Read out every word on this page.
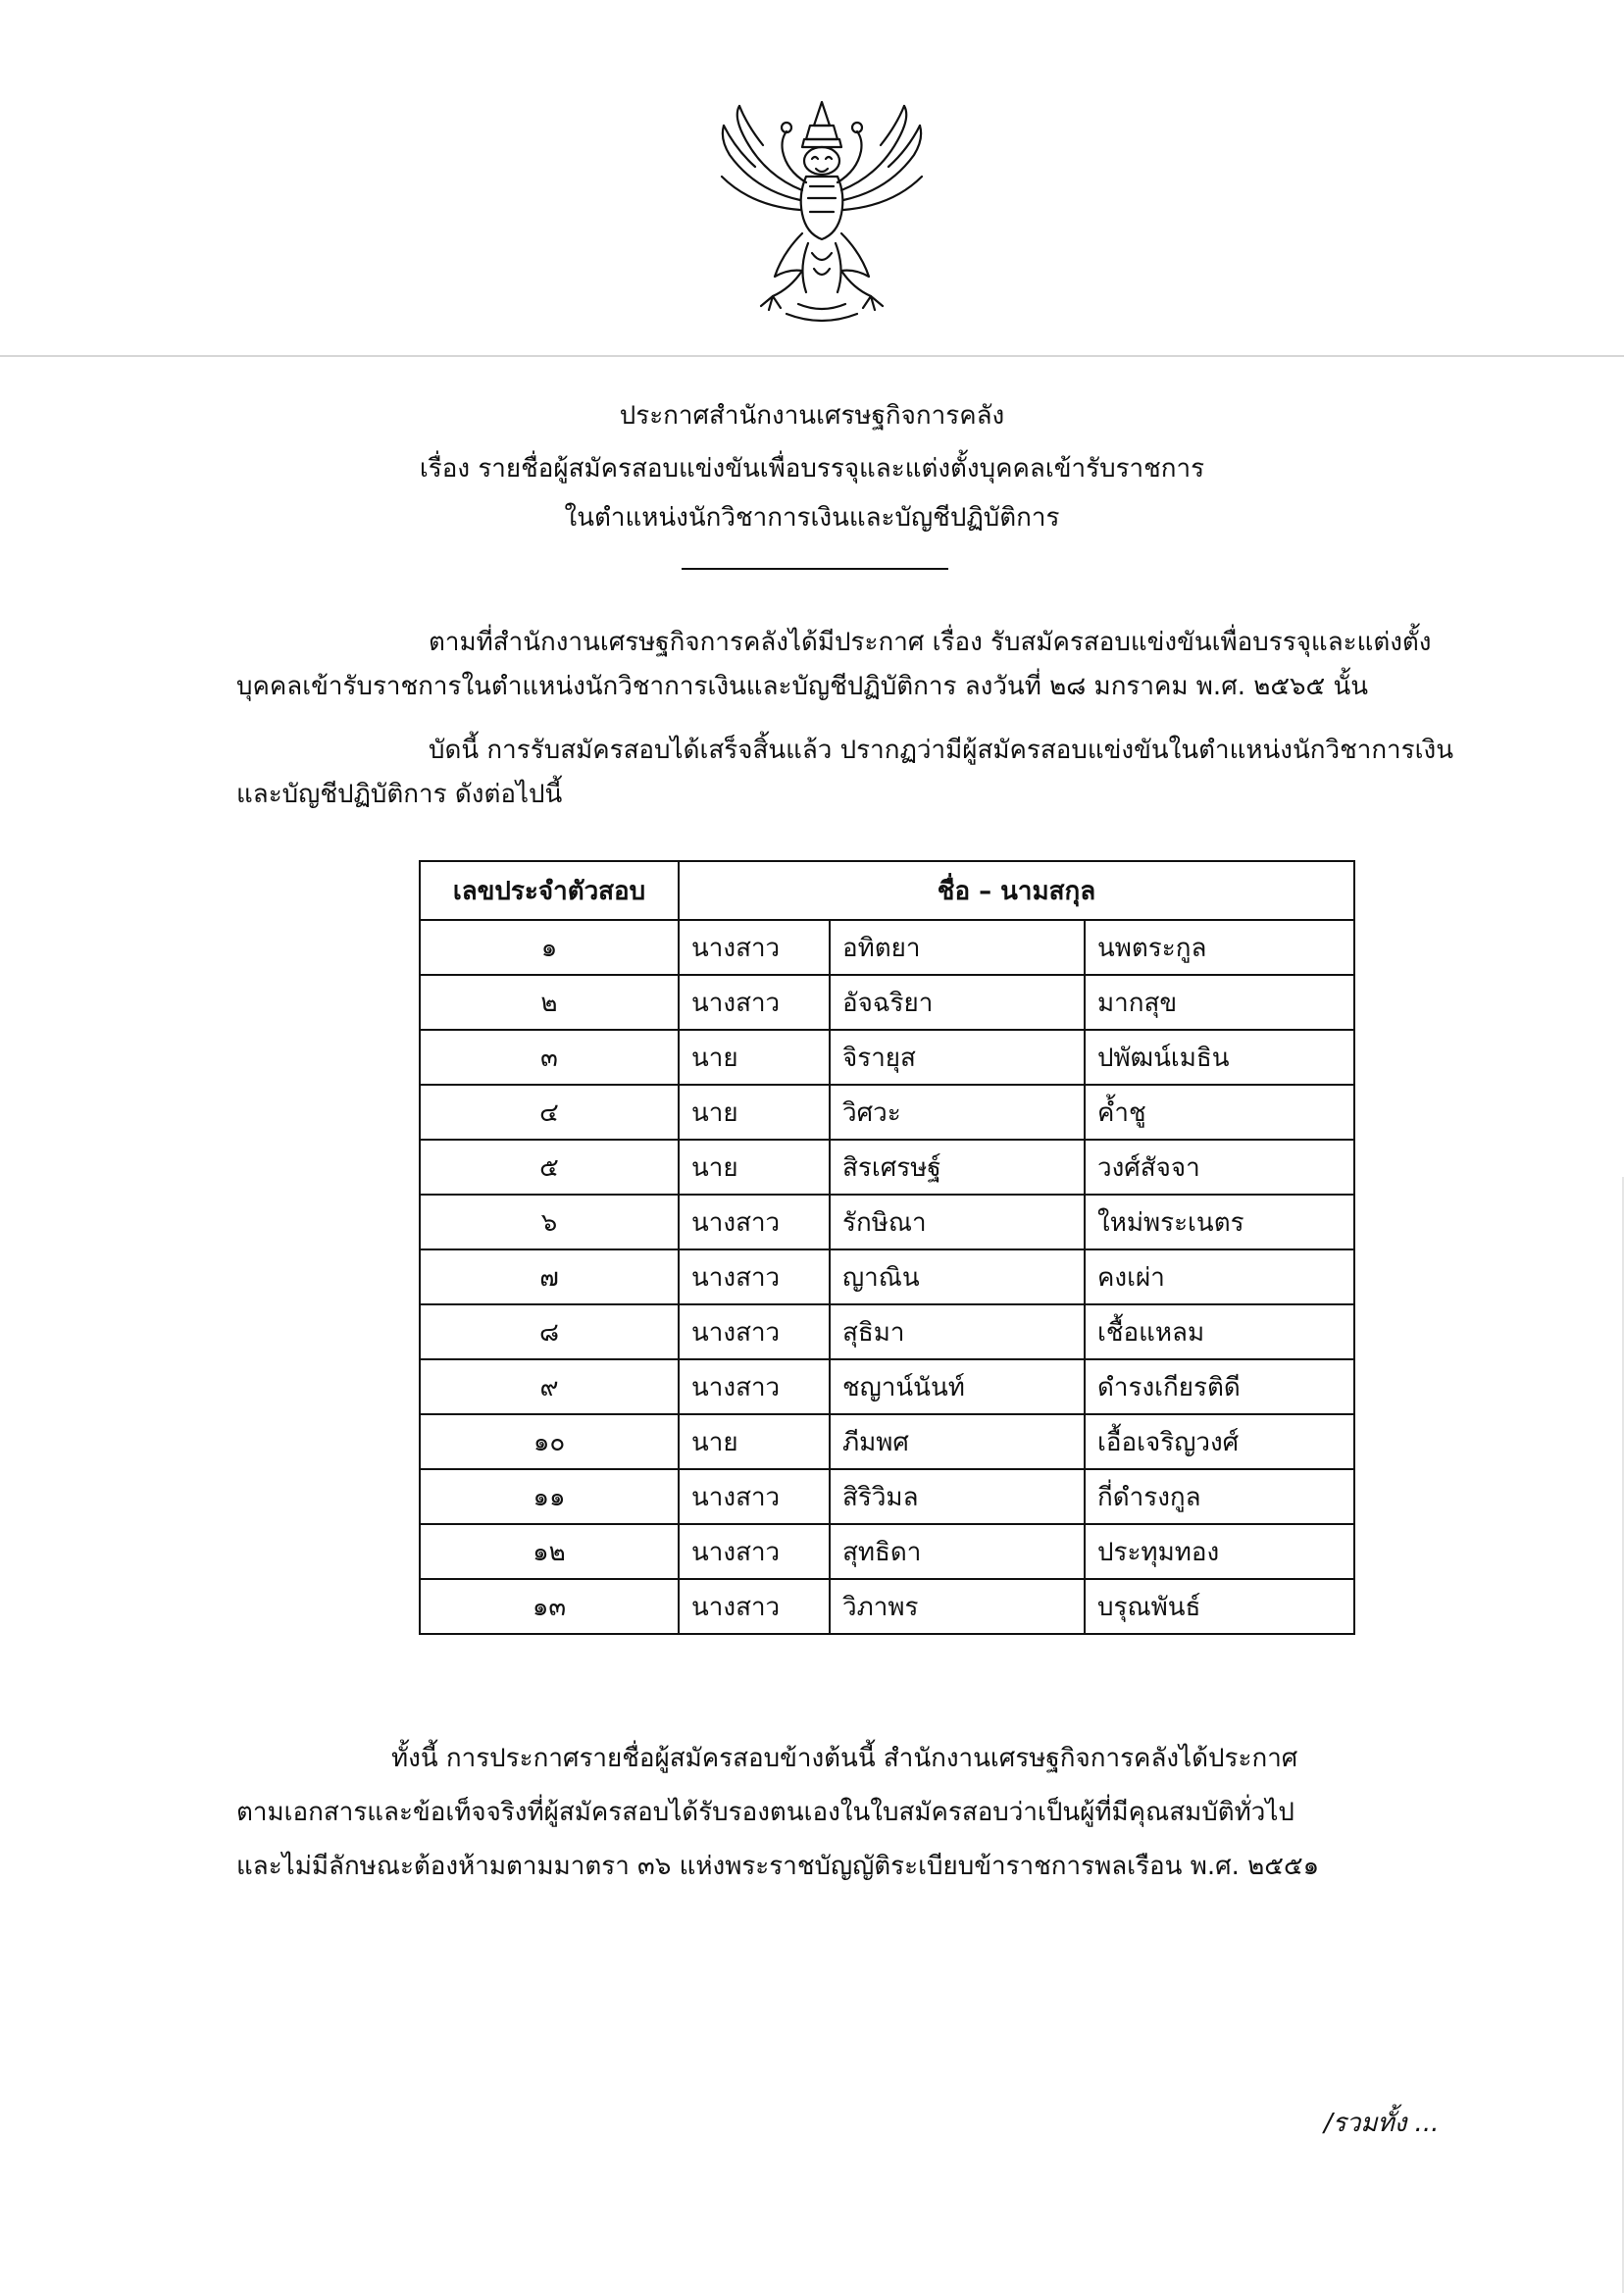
ประกาศสำนักงานเศรษฐกิจการคลัง
เรื่อง รายชื่อผู้สมัครสอบแข่งขันเพื่อบรรจุและแต่งตั้งบุคคลเข้ารับราชการ
ในตำแหน่งนักวิชาการเงินและบัญชีปฏิบัติการ
ตามที่สำนักงานเศรษฐกิจการคลังได้มีประกาศ เรื่อง รับสมัครสอบแข่งขันเพื่อบรรจุและแต่งตั้ง
บุคคลเข้ารับราชการในตำแหน่งนักวิชาการเงินและบัญชีปฏิบัติการ ลงวันที่ ๒๘ มกราคม พ.ศ. ๒๕๖๕ นั้น
บัดนี้ การรับสมัครสอบได้เสร็จสิ้นแล้ว ปรากฏว่ามีผู้สมัครสอบแข่งขันในตำแหน่งนักวิชาการเงิน
และบัญชีปฏิบัติการ ดังต่อไปนี้
เลขประจำตัวสอบ	ชื่อ – นามสกุล		
๑	นางสาว	อทิตยา	นพตระกูล
๒	นางสาว	อัจฉริยา	มากสุข
๓	นาย	จิรายุส	ปพัฒน์เมธิน
๔	นาย	วิศวะ	ค้ำชู
๕	นาย	สิรเศรษฐ์	วงศ์สัจจา
๖	นางสาว	รักษิณา	ใหม่พระเนตร
๗	นางสาว	ญาณิน	คงเผ่า
๘	นางสาว	สุธิมา	เชื้อแหลม
๙	นางสาว	ชญาน์นันท์	ดำรงเกียรติดี
๑๐	นาย	ภีมพศ	เอื้อเจริญวงศ์
๑๑	นางสาว	สิริวิมล	กี่ดำรงกูล
๑๒	นางสาว	สุทธิดา	ประทุมทอง
๑๓	นางสาว	วิภาพร	บรุณพันธ์
ทั้งนี้ การประกาศรายชื่อผู้สมัครสอบข้างต้นนี้ สำนักงานเศรษฐกิจการคลังได้ประกาศ
ตามเอกสารและข้อเท็จจริงที่ผู้สมัครสอบได้รับรองตนเองในใบสมัครสอบว่าเป็นผู้ที่มีคุณสมบัติทั่วไป
และไม่มีลักษณะต้องห้ามตามมาตรา ๓๖ แห่งพระราชบัญญัติระเบียบข้าราชการพลเรือน พ.ศ. ๒๕๕๑
/รวมทั้ง ...
